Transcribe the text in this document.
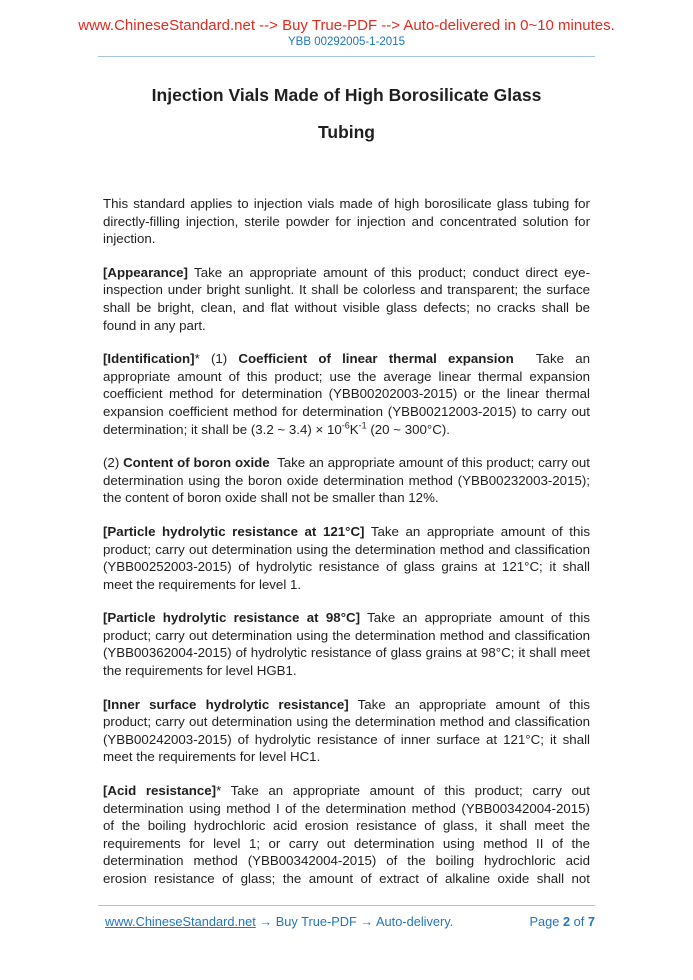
www.ChineseStandard.net --> Buy True-PDF --> Auto-delivered in 0~10 minutes.
YBB 00292005-1-2015
Injection Vials Made of High Borosilicate Glass
Tubing

This standard applies to injection vials made of high borosilicate glass tubing for directly-filling injection, sterile powder for injection and concentrated solution for injection.

[Appearance] Take an appropriate amount of this product; conduct direct eye-inspection under bright sunlight. It shall be colorless and transparent; the surface shall be bright, clean, and flat without visible glass defects; no cracks shall be found in any part.

[Identification]* (1) Coefficient of linear thermal expansion  Take an appropriate amount of this product; use the average linear thermal expansion coefficient method for determination (YBB00202003-2015) or the linear thermal expansion coefficient method for determination (YBB00212003-2015) to carry out determination; it shall be (3.2 ~ $3.4) \times 10^{-6}K^{-1}$ (20 ~ 300°C).

(2) Content of boron oxide  Take an appropriate amount of this product; carry out determination using the boron oxide determination method (YBB00232003-2015); the content of boron oxide shall not be smaller than 12%.

[Particle hydrolytic resistance at 121°C] Take an appropriate amount of this product; carry out determination using the determination method and classification (YBB00252003-2015) of hydrolytic resistance of glass grains at 121°C; it shall meet the requirements for level 1.

[Particle hydrolytic resistance at 98°C] Take an appropriate amount of this product; carry out determination using the determination method and classification (YBB00362004-2015) of hydrolytic resistance of glass grains at 98°C; it shall meet the requirements for level HGB1.

[Inner surface hydrolytic resistance] Take an appropriate amount of this product; carry out determination using the determination method and classification (YBB00242003-2015) of hydrolytic resistance of inner surface at 121°C; it shall meet the requirements for level HC1.

[Acid resistance]* Take an appropriate amount of this product; carry out determination using method I of the determination method (YBB00342004-2015) of the boiling hydrochloric acid erosion resistance of glass, it shall meet the requirements for level 1; or carry out determination using method II of the determination method (YBB00342004-2015) of the boiling hydrochloric acid erosion resistance of glass; the amount of extract of alkaline oxide shall not

www.ChineseStandard.net → Buy True-PDF → Auto-delivery.	Page 2 of 7
